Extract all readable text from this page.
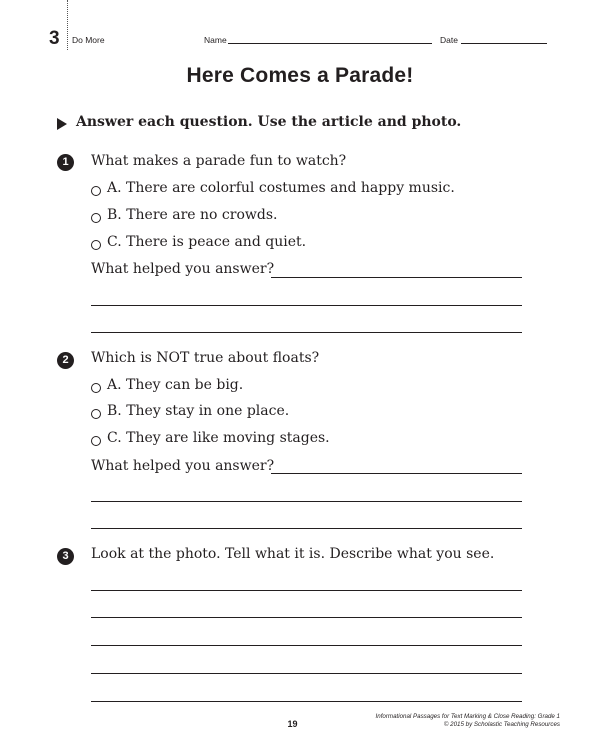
3 Do More	Name	Date
Here Comes a Parade!
Answer each question. Use the article and photo.
1	What makes a parade fun to watch?
A. There are colorful costumes and happy music.
B. There are no crowds.
C. There is peace and quiet.
What helped you answer?
2	Which is NOT true about floats?
A. They can be big.
B. They stay in one place.
C. They are like moving stages.
What helped you answer?
3	Look at the photo. Tell what it is. Describe what you see.
19
Informational Passages for Text Marking & Close Reading: Grade 1
© 2015 by Scholastic Teaching Resources
